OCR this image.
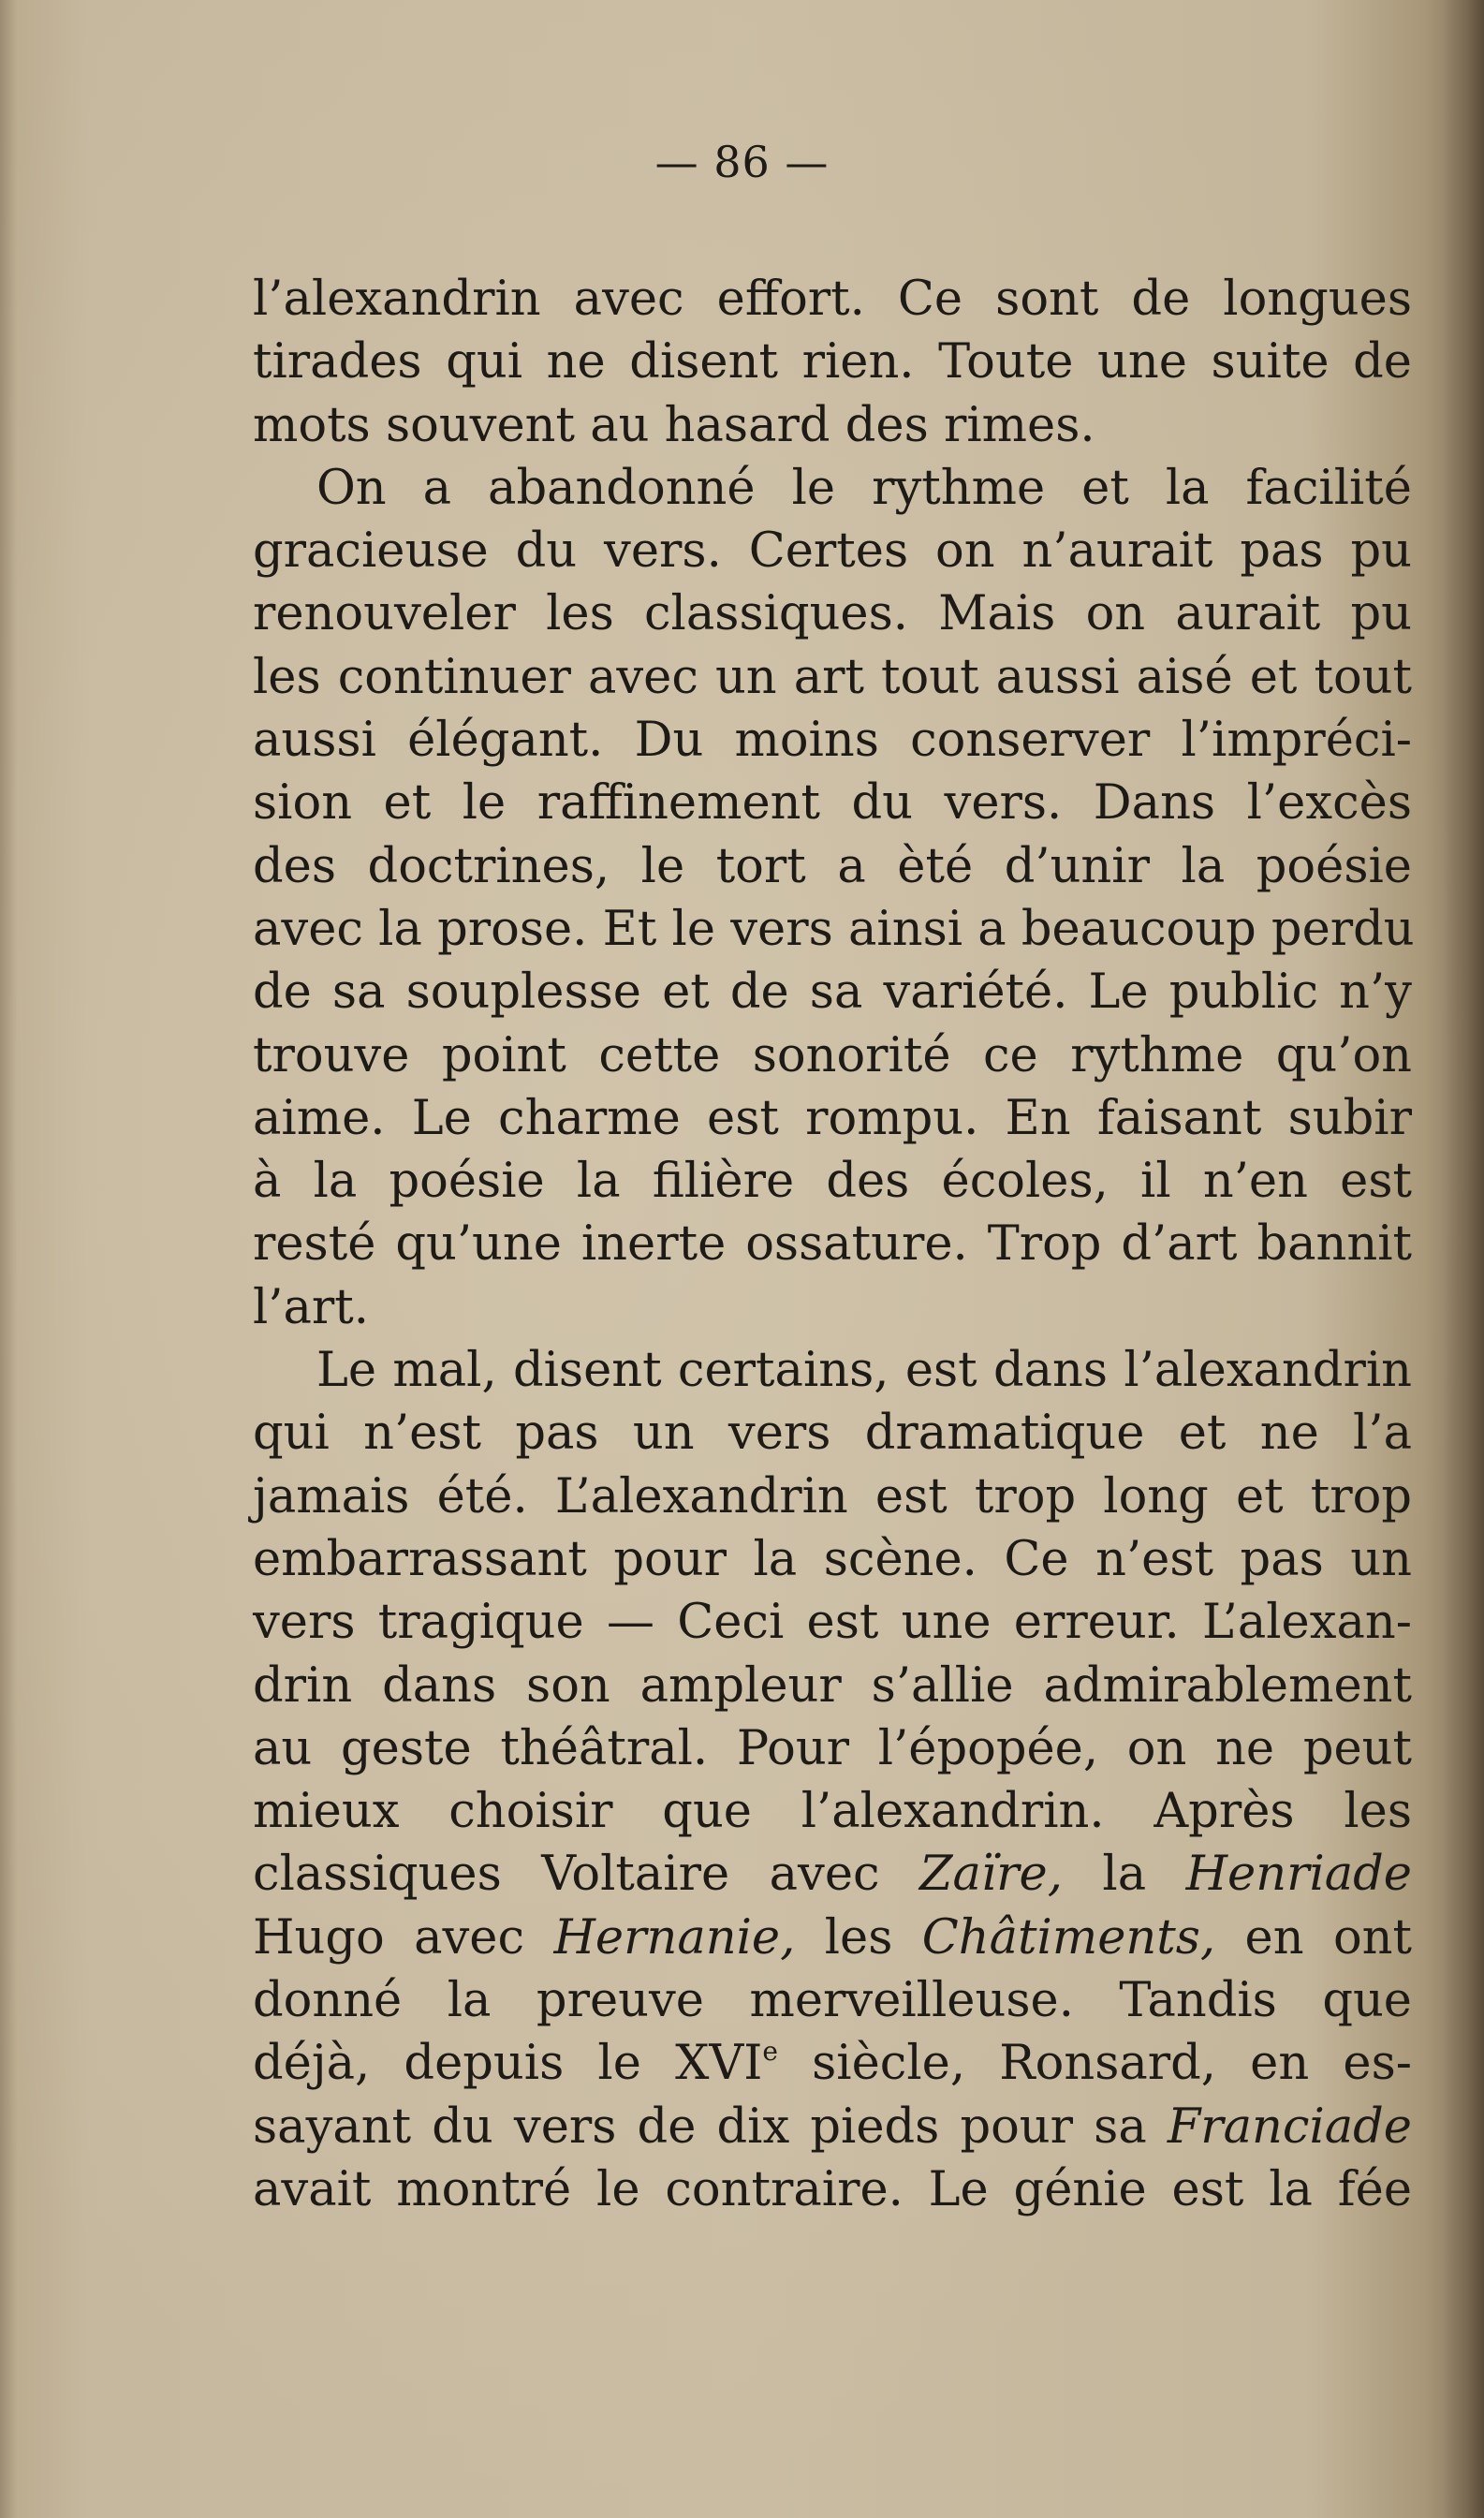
— 86 —
l’alexandrin avec effort. Ce sont de longues
tirades qui ne disent rien. Toute une suite de
mots souvent au hasard des rimes.
On a abandonné le rythme et la facilité
gracieuse du vers. Certes on n’aurait pas pu
renouveler les classiques. Mais on aurait pu
les continuer avec un art tout aussi aisé et tout
aussi élégant. Du moins conserver l’impréci-
sion et le raffinement du vers. Dans l’excès
des doctrines, le tort a èté d’unir la poésie
avec la prose. Et le vers ainsi a beaucoup perdu
de sa souplesse et de sa variété. Le public n’y
trouve point cette sonorité ce rythme qu’on
aime. Le charme est rompu. En faisant subir
à la poésie la filière des écoles, il n’en est
resté qu’une inerte ossature. Trop d’art bannit
l’art.
Le mal, disent certains, est dans l’alexandrin
qui n’est pas un vers dramatique et ne l’a
jamais été. L’alexandrin est trop long et trop
embarrassant pour la scène. Ce n’est pas un
vers tragique — Ceci est une erreur. L’alexan-
drin dans son ampleur s’allie admirablement
au geste théâtral. Pour l’épopée, on ne peut
mieux choisir que l’alexandrin. Après les
classiques Voltaire avec Zaïre, la Henriade
Hugo avec Hernanie, les Châtiments, en ont
donné la preuve merveilleuse. Tandis que
déjà, depuis le XVIe siècle, Ronsard, en es-
sayant du vers de dix pieds pour sa Franciade
avait montré le contraire. Le génie est la fée
